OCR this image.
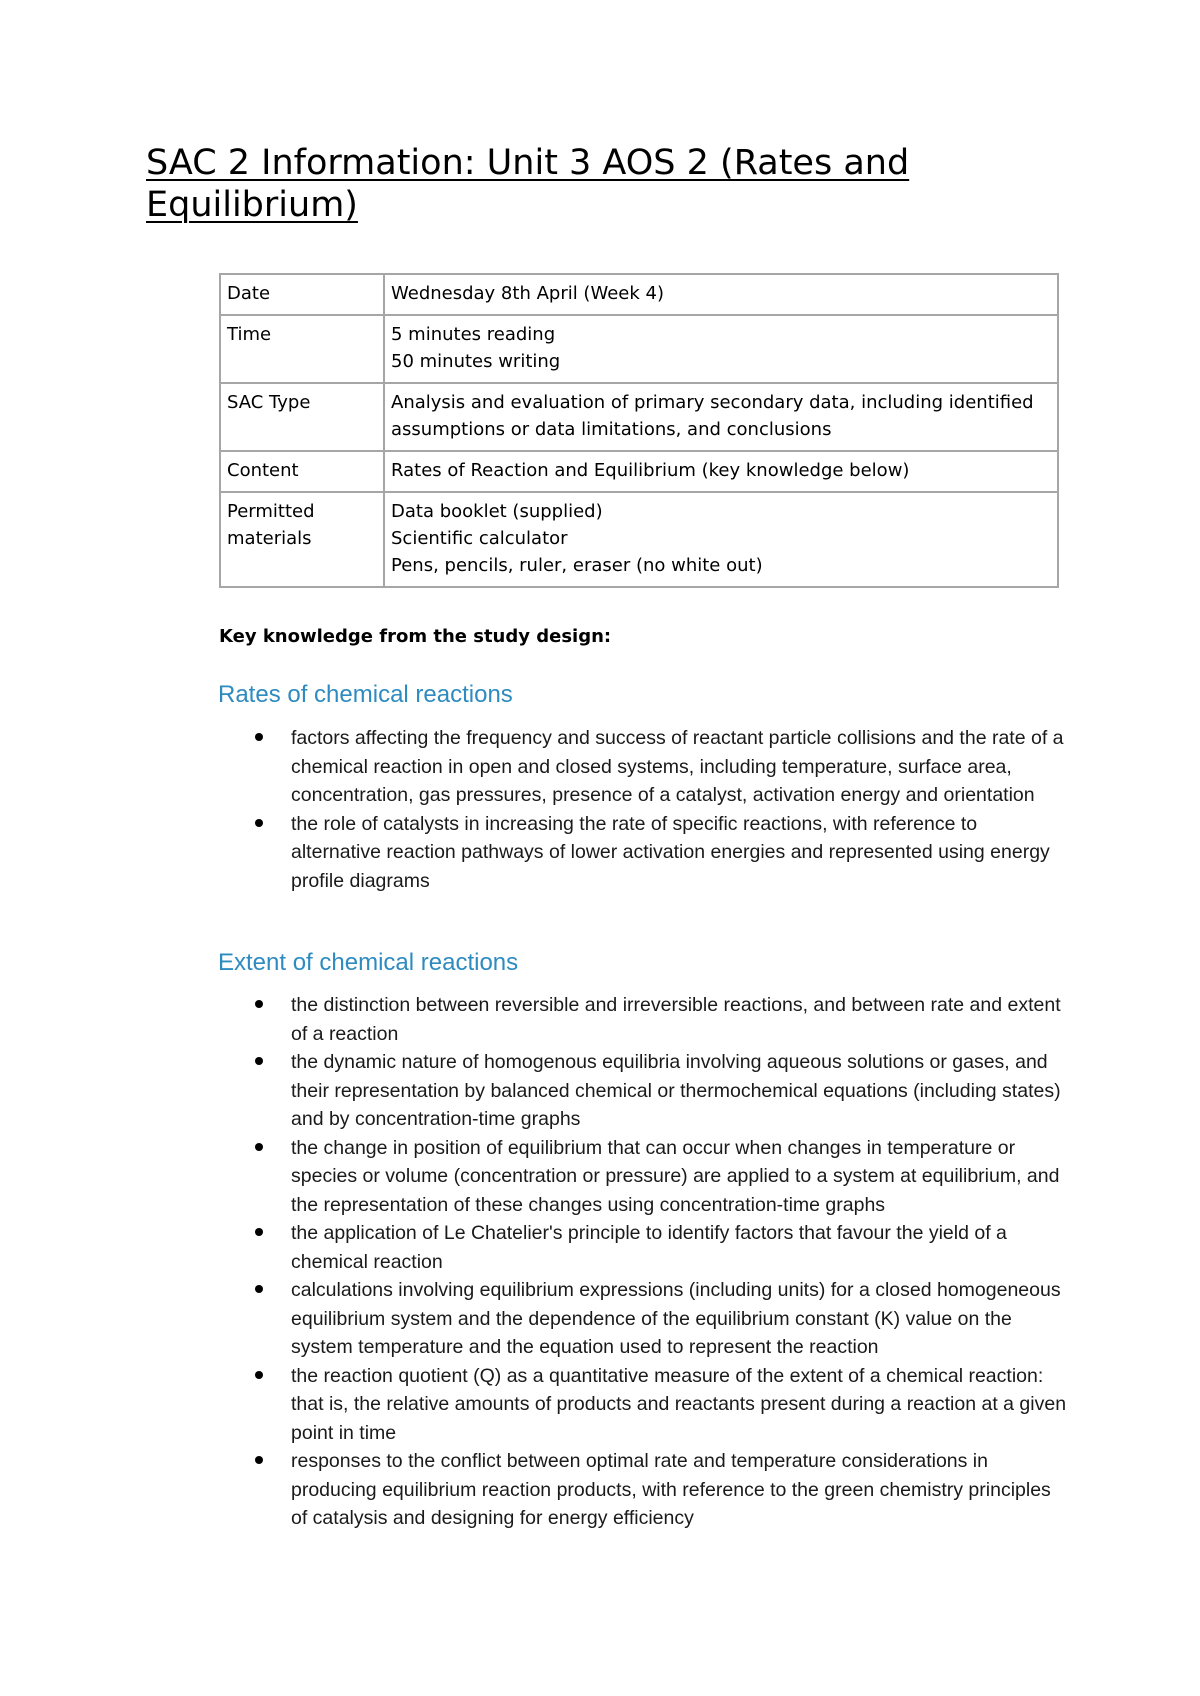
SAC 2 Information: Unit 3 AOS 2 (Rates and Equilibrium)
Date	Wednesday 8th April (Week 4)

Time	5 minutes reading
50 minutes writing

SAC Type	Analysis and evaluation of primary secondary data, including identified assumptions or data limitations, and conclusions

Content	Rates of Reaction and Equilibrium (key knowledge below)

Permitted materials	Data booklet (supplied)
Scientific calculator
Pens, pencils, ruler, eraser (no white out)

Key knowledge from the study design:

Rates of chemical reactions
factors affecting the frequency and success of reactant particle collisions and the rate of a chemical reaction in open and closed systems, including temperature, surface area, concentration, gas pressures, presence of a catalyst, activation energy and orientation
the role of catalysts in increasing the rate of specific reactions, with reference to alternative reaction pathways of lower activation energies and represented using energy profile diagrams
Extent of chemical reactions
the distinction between reversible and irreversible reactions, and between rate and extent of a reaction
the dynamic nature of homogenous equilibria involving aqueous solutions or gases, and their representation by balanced chemical or thermochemical equations (including states) and by concentration-time graphs
the change in position of equilibrium that can occur when changes in temperature or species or volume (concentration or pressure) are applied to a system at equilibrium, and the representation of these changes using concentration-time graphs
the application of Le Chatelier's principle to identify factors that favour the yield of a chemical reaction
calculations involving equilibrium expressions (including units) for a closed homogeneous equilibrium system and the dependence of the equilibrium constant (K) value on the system temperature and the equation used to represent the reaction
the reaction quotient (Q) as a quantitative measure of the extent of a chemical reaction: that is, the relative amounts of products and reactants present during a reaction at a given point in time
responses to the conflict between optimal rate and temperature considerations in producing equilibrium reaction products, with reference to the green chemistry principles of catalysis and designing for energy efficiency
